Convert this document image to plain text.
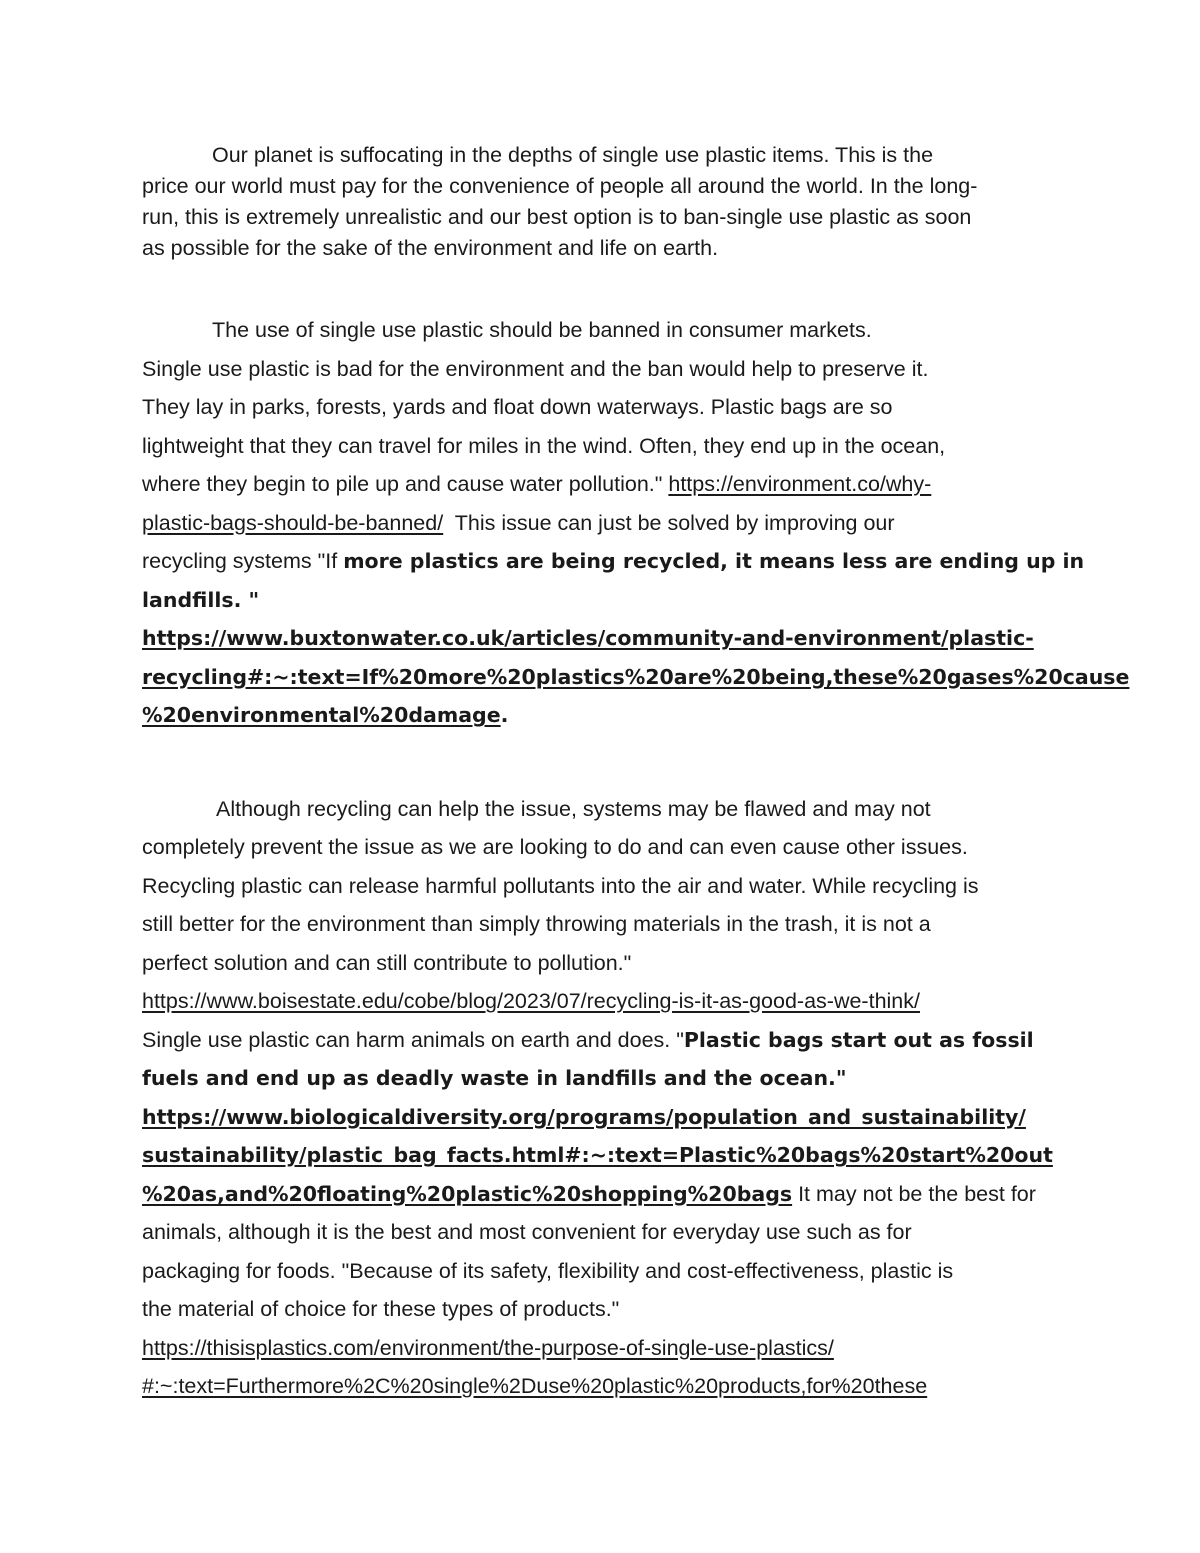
Our planet is suffocating in the depths of single use plastic items. This is the
price our world must pay for the convenience of people all around the world. In the long-
run, this is extremely unrealistic and our best option is to ban-single use plastic as soon
as possible for the sake of the environment and life on earth.

The use of single use plastic should be banned in consumer markets.
Single use plastic is bad for the environment and the ban would help to preserve it.
They lay in parks, forests, yards and float down waterways. Plastic bags are so
lightweight that they can travel for miles in the wind. Often, they end up in the ocean,
where they begin to pile up and cause water pollution." https://environment.co/why-
plastic-bags-should-be-banned/  This issue can just be solved by improving our
recycling systems "If more plastics are being recycled, it means less are ending up in
landfills. "
https://www.buxtonwater.co.uk/articles/community-and-environment/plastic-
recycling#:~:text=If%20more%20plastics%20are%20being,these%20gases%20cause
%20environmental%20damage.

Although recycling can help the issue, systems may be flawed and may not
completely prevent the issue as we are looking to do and can even cause other issues.
Recycling plastic can release harmful pollutants into the air and water. While recycling is
still better for the environment than simply throwing materials in the trash, it is not a
perfect solution and can still contribute to pollution."
https://www.boisestate.edu/cobe/blog/2023/07/recycling-is-it-as-good-as-we-think/
Single use plastic can harm animals on earth and does. "Plastic bags start out as fossil
fuels and end up as deadly waste in landfills and the ocean."
https://www.biologicaldiversity.org/programs/population_and_sustainability/
sustainability/plastic_bag_facts.html#:~:text=Plastic%20bags%20start%20out
%20as,and%20floating%20plastic%20shopping%20bags It may not be the best for
animals, although it is the best and most convenient for everyday use such as for
packaging for foods. "Because of its safety, flexibility and cost-effectiveness, plastic is
the material of choice for these types of products."
https://thisisplastics.com/environment/the-purpose-of-single-use-plastics/
#:~:text=Furthermore%2C%20single%2Duse%20plastic%20products,for%20these
